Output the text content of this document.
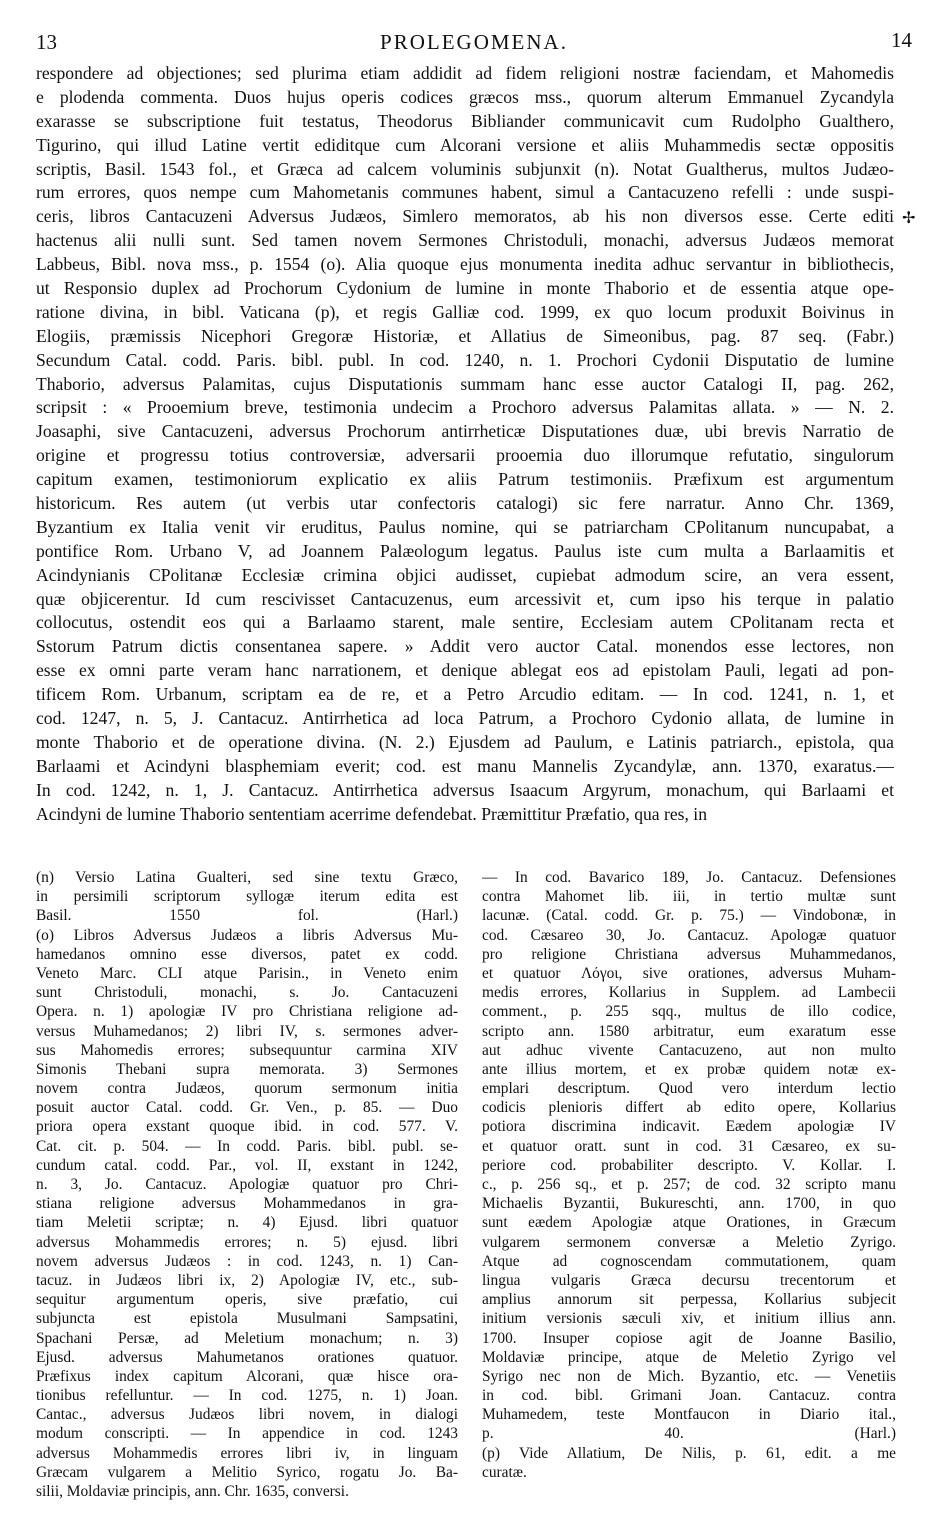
13	PROLEGOMENA.	14
respondere ad objectiones; sed plurima etiam addidit ad fidem religioni nostræ faciendam, et Mahomedis
e plodenda commenta. Duos hujus operis codices græcos mss., quorum alterum Emmanuel Zycandyla
exarasse se subscriptione fuit testatus, Theodorus Bibliander communicavit cum Rudolpho Gualthero,
Tigurino, qui illud Latine vertit ediditque cum Alcorani versione et aliis Muhammedis sectæ oppositis
scriptis, Basil. 1543 fol., et Græca ad calcem voluminis subjunxit (n). Notat Gualtherus, multos Judæo-
rum errores, quos nempe cum Mahometanis communes habent, simul a Cantacuzeno refelli : unde suspi-
ceris, libros Cantacuzeni Adversus Judæos, Simlero memoratos, ab his non diversos esse. Certe editi
hactenus alii nulli sunt. Sed tamen novem Sermones Christoduli, monachi, adversus Judæos memorat
Labbeus, Bibl. nova mss., p. 1554 (o). Alia quoque ejus monumenta inedita adhuc servantur in bibliothecis,
ut Responsio duplex ad Prochorum Cydonium de lumine in monte Thaborio et de essentia atque ope-
ratione divina, in bibl. Vaticana (p), et regis Galliæ cod. 1999, ex quo locum produxit Boivinus in
Elogiis, præmissis Nicephori Gregoræ Historiæ, et Allatius de Simeonibus, pag. 87 seq. (Fabr.)
Secundum Catal. codd. Paris. bibl. publ. In cod. 1240, n. 1. Prochori Cydonii Disputatio de lumine
Thaborio, adversus Palamitas, cujus Disputationis summam hanc esse auctor Catalogi II, pag. 262,
scripsit : « Prooemium breve, testimonia undecim a Prochoro adversus Palamitas allata. » — N. 2.
Joasaphi, sive Cantacuzeni, adversus Prochorum antirrheticæ Disputationes duæ, ubi brevis Narratio de
origine et progressu totius controversiæ, adversarii prooemia duo illorumque refutatio, singulorum
capitum examen, testimoniorum explicatio ex aliis Patrum testimoniis. Præfixum est argumentum
historicum. Res autem (ut verbis utar confectoris catalogi) sic fere narratur. Anno Chr. 1369,
Byzantium ex Italia venit vir eruditus, Paulus nomine, qui se patriarcham CPolitanum nuncupabat, a
pontifice Rom. Urbano V, ad Joannem Palæologum legatus. Paulus iste cum multa a Barlaamitis et
Acindynianis CPolitanæ Ecclesiæ crimina objici audisset, cupiebat admodum scire, an vera essent,
quæ objicerentur. Id cum rescivisset Cantacuzenus, eum arcessivit et, cum ipso his terque in palatio
collocutus, ostendit eos qui a Barlaamo starent, male sentire, Ecclesiam autem CPolitanam recta et
Sstorum Patrum dictis consentanea sapere. » Addit vero auctor Catal. monendos esse lectores, non
esse ex omni parte veram hanc narrationem, et denique ablegat eos ad epistolam Pauli, legati ad pon-
tificem Rom. Urbanum, scriptam ea de re, et a Petro Arcudio editam. — In cod. 1241, n. 1, et
cod. 1247, n. 5, J. Cantacuz. Antirrhetica ad loca Patrum, a Prochoro Cydonio allata, de lumine in
monte Thaborio et de operatione divina. (N. 2.) Ejusdem ad Paulum, e Latinis patriarch., epistola, qua
Barlaami et Acindyni blasphemiam everit; cod. est manu Mannelis Zycandylæ, ann. 1370, exaratus.—
In cod. 1242, n. 1, J. Cantacuz. Antirrhetica adversus Isaacum Argyrum, monachum, qui Barlaami et
Acindyni de lumine Thaborio sententiam acerrime defendebat. Præmittitur Præfatio, qua res, in
(n) Versio Latina Gualteri, sed sine textu Græco,
in persimili scriptorum syllogæ iterum edita est
Basil. 1550 fol. (Harl.)
(o) Libros Adversus Judæos a libris Adversus Mu-
hamedanos omnino esse diversos, patet ex codd.
Veneto Marc. CLI atque Parisin., in Veneto enim
sunt Christoduli, monachi, s. Jo. Cantacuzeni
Opera. n. 1) apologiæ IV pro Christiana religione ad-
versus Muhamedanos; 2) libri IV, s. sermones adver-
sus Mahomedis errores; subsequuntur carmina XIV
Simonis Thebani supra memorata. 3) Sermones
novem contra Judæos, quorum sermonum initia
posuit auctor Catal. codd. Gr. Ven., p. 85. — Duo
priora opera exstant quoque ibid. in cod. 577. V.
Cat. cit. p. 504. — In codd. Paris. bibl. publ. se-
cundum catal. codd. Par., vol. II, exstant in 1242,
n. 3, Jo. Cantacuz. Apologiæ quatuor pro Chri-
stiana religione adversus Mohammedanos in gra-
tiam Meletii scriptæ; n. 4) Ejusd. libri quatuor
adversus Mohammedis errores; n. 5) ejusd. libri
novem adversus Judæos : in cod. 1243, n. 1) Can-
tacuz. in Judæos libri ix, 2) Apologiæ IV, etc., sub-
sequitur argumentum operis, sive præfatio, cui
subjuncta est epistola Musulmani Sampsatini,
Spachani Persæ, ad Meletium monachum; n. 3)
Ejusd. adversus Mahumetanos orationes quatuor.
Præfixus index capitum Alcorani, quæ hisce ora-
tionibus refelluntur. — In cod. 1275, n. 1) Joan.
Cantac., adversus Judæos libri novem, in dialogi
modum conscripti. — In appendice in cod. 1243
adversus Mohammedis errores libri iv, in linguam
Græcam vulgarem a Melitio Syrico, rogatu Jo. Ba-
silii, Moldaviæ principis, ann. Chr. 1635, conversi.
— In cod. Bavarico 189, Jo. Cantacuz. Defensiones
contra Mahomet lib. iii, in tertio multæ sunt
lacunæ. (Catal. codd. Gr. p. 75.) — Vindobonæ, in
cod. Cæsareo 30, Jo. Cantacuz. Apologæ quatuor
pro religione Christiana adversus Muhammedanos,
et quatuor Λόγοι, sive orationes, adversus Muham-
medis errores, Kollarius in Supplem. ad Lambecii
comment., p. 255 sqq., multus de illo codice,
scripto ann. 1580 arbitratur, eum exaratum esse
aut adhuc vivente Cantacuzeno, aut non multo
ante illius mortem, et ex probæ quidem notæ ex-
emplari descriptum. Quod vero interdum lectio
codicis plenioris differt ab edito opere, Kollarius
potiora discrimina indicavit. Eædem apologiæ IV
et quatuor oratt. sunt in cod. 31 Cæsareo, ex su-
periore cod. probabiliter descripto. V. Kollar. I.
c., p. 256 sq., et p. 257; de cod. 32 scripto manu
Michaelis Byzantii, Bukureschti, ann. 1700, in quo
sunt eædem Apologiæ atque Orationes, in Græcum
vulgarem sermonem conversæ a Meletio Zyrigo.
Atque ad cognoscendam commutationem, quam
lingua vulgaris Græca decursu trecentorum et
amplius annorum sit perpessa, Kollarius subjecit
initium versionis sæculi xiv, et initium illius ann.
1700. Insuper copiose agit de Joanne Basilio,
Moldaviæ principe, atque de Meletio Zyrigo vel
Syrigo nec non de Mich. Byzantio, etc. — Venetiis
in cod. bibl. Grimani Joan. Cantacuz. contra
Muhamedem, teste Montfaucon in Diario ital.,
p. 40. (Harl.)
(p) Vide Allatium, De Nilis, p. 61, edit. a me
curatæ.
✢
